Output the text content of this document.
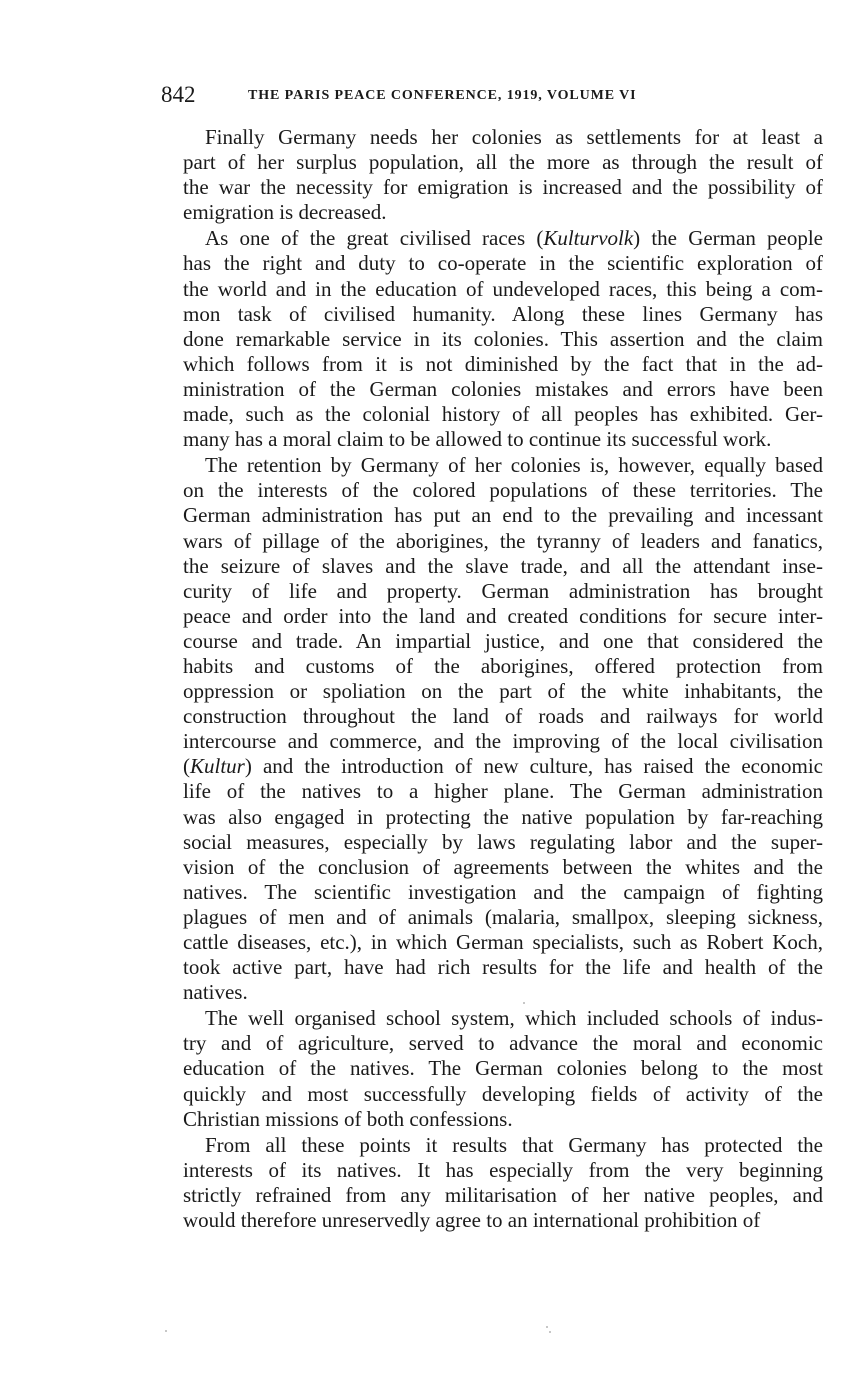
842	THE PARIS PEACE CONFERENCE, 1919, VOLUME VI
Finally Germany needs her colonies as settlements for at least a
part of her surplus population, all the more as through the result of
the war the necessity for emigration is increased and the possibility of
emigration is decreased.
As one of the great civilised races (Kulturvolk) the German people
has the right and duty to co-operate in the scientific exploration of
the world and in the education of undeveloped races, this being a com-
mon task of civilised humanity. Along these lines Germany has
done remarkable service in its colonies. This assertion and the claim
which follows from it is not diminished by the fact that in the ad-
ministration of the German colonies mistakes and errors have been
made, such as the colonial history of all peoples has exhibited. Ger-
many has a moral claim to be allowed to continue its successful work.
The retention by Germany of her colonies is, however, equally based
on the interests of the colored populations of these territories. The
German administration has put an end to the prevailing and incessant
wars of pillage of the aborigines, the tyranny of leaders and fanatics,
the seizure of slaves and the slave trade, and all the attendant inse-
curity of life and property. German administration has brought
peace and order into the land and created conditions for secure inter-
course and trade. An impartial justice, and one that considered the
habits and customs of the aborigines, offered protection from
oppression or spoliation on the part of the white inhabitants, the
construction throughout the land of roads and railways for world
intercourse and commerce, and the improving of the local civilisation
(Kultur) and the introduction of new culture, has raised the economic
life of the natives to a higher plane. The German administration
was also engaged in protecting the native population by far-reaching
social measures, especially by laws regulating labor and the super-
vision of the conclusion of agreements between the whites and the
natives. The scientific investigation and the campaign of fighting
plagues of men and of animals (malaria, smallpox, sleeping sickness,
cattle diseases, etc.), in which German specialists, such as Robert Koch,
took active part, have had rich results for the life and health of the
natives.
The well organised school system, which included schools of indus-
try and of agriculture, served to advance the moral and economic
education of the natives. The German colonies belong to the most
quickly and most successfully developing fields of activity of the
Christian missions of both confessions.
From all these points it results that Germany has protected the
interests of its natives. It has especially from the very beginning
strictly refrained from any militarisation of her native peoples, and
would therefore unreservedly agree to an international prohibition of
